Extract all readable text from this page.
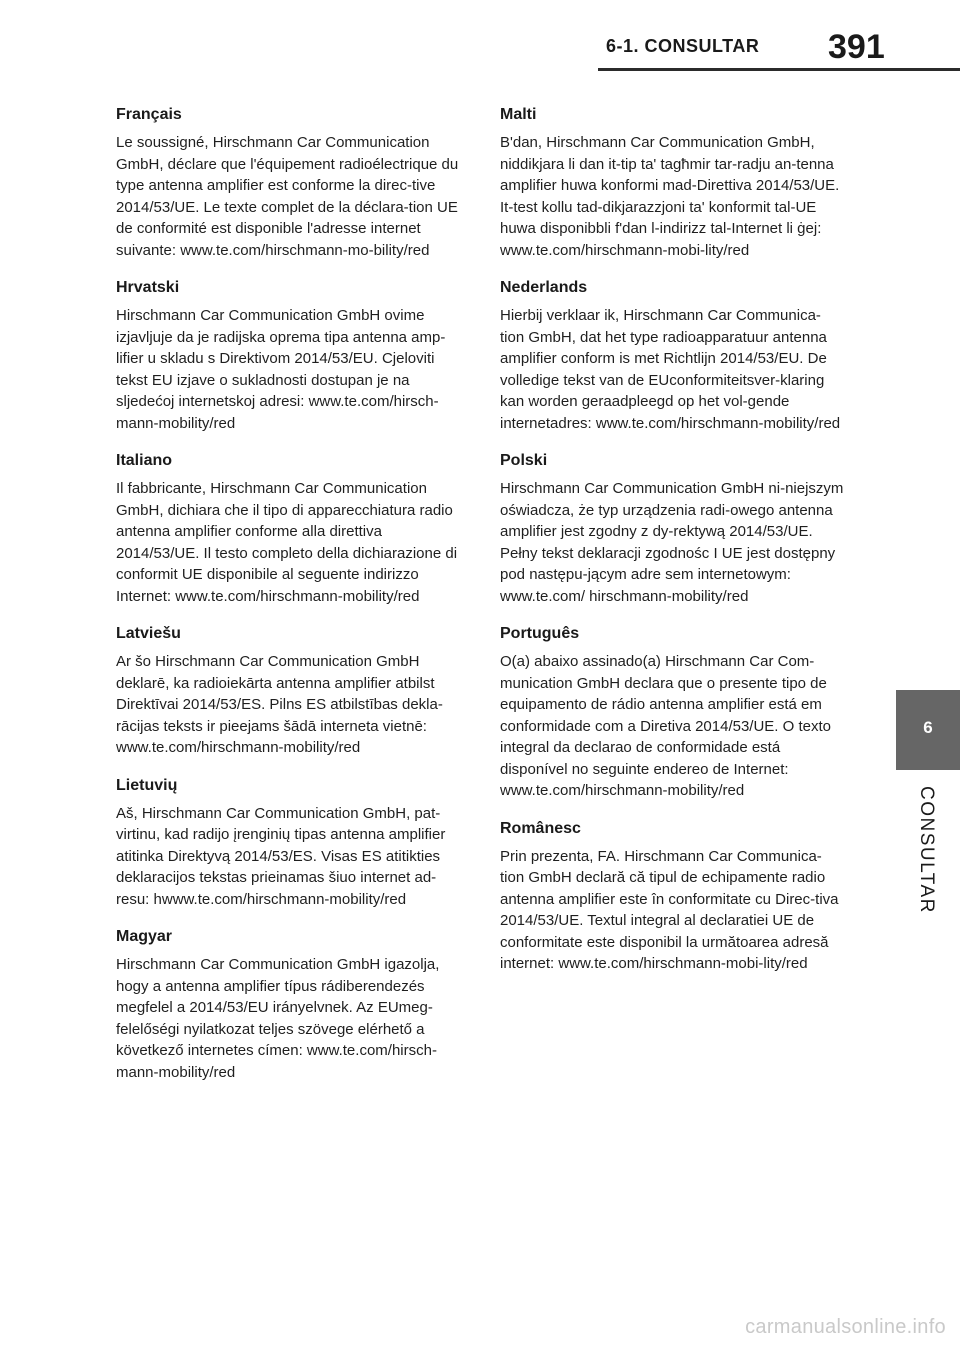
6-1. CONSULTAR 391
6
CONSULTAR
Français

Le soussigné, Hirschmann Car Communication GmbH, déclare que l'équipement radioélectrique du type antenna amplifier est conforme la direc-tive 2014/53/UE. Le texte complet de la déclara-tion UE de conformité est disponible l'adresse internet suivante: www.te.com/hirschmann-mo-bility/red

Hrvatski

Hirschmann Car Communication GmbH ovime izjavljuje da je radijska oprema tipa antenna amp-lifier u skladu s Direktivom 2014/53/EU. Cjeloviti tekst EU izjave o sukladnosti dostupan je na sljedećoj internetskoj adresi: www.te.com/hirsch-mann-mobility/red

Italiano

Il fabbricante, Hirschmann Car Communication GmbH, dichiara che il tipo di apparecchiatura radio antenna amplifier conforme alla direttiva 2014/53/UE. Il testo completo della dichiarazione di conformit UE disponibile al seguente indirizzo Internet: www.te.com/hirschmann-mobility/red

Latviešu

Ar šo Hirschmann Car Communication GmbH deklarē, ka radioiekārta antenna amplifier atbilst Direktīvai 2014/53/ES. Pilns ES atbilstības dekla-rācijas teksts ir pieejams šādā interneta vietnē: www.te.com/hirschmann-mobility/red

Lietuvių

Aš, Hirschmann Car Communication GmbH, pat-virtinu, kad radijo įrenginių tipas antenna amplifier atitinka Direktyvą 2014/53/ES. Visas ES atitikties deklaracijos tekstas prieinamas šiuo internet ad-resu: hwww.te.com/hirschmann-mobility/red

Magyar

Hirschmann Car Communication GmbH igazolja, hogy a antenna amplifier típus rádiberendezés megfelel a 2014/53/EU irányelvnek. Az EUmeg-felelőségi nyilatkozat teljes szövege elérhető a következő internetes címen: www.te.com/hirsch-mann-mobility/red

Malti

B'dan, Hirschmann Car Communication GmbH, niddikjara li dan it-tip ta' tagħmir tar-radju an-tenna amplifier huwa konformi mad-Direttiva 2014/53/UE. It-test kollu tad-dikjarazzjoni ta' konformit tal-UE huwa disponibbli f'dan l-indirizz tal-Internet li ġej: www.te.com/hirschmann-mobi-lity/red

Nederlands

Hierbij verklaar ik, Hirschmann Car Communica-tion GmbH, dat het type radioapparatuur antenna amplifier conform is met Richtlijn 2014/53/EU. De volledige tekst van de EUconformiteitsver-klaring kan worden geraadpleegd op het vol-gende internetadres: www.te.com/hirschmann-mobility/red

Polski

Hirschmann Car Communication GmbH ni-niejszym oświadcza, że typ urządzenia radi-owego antenna amplifier jest zgodny z dy-rektywą 2014/53/UE. Pełny tekst deklaracji zgodnośc I UE jest dostępny pod następu-jącym adre sem internetowym: www.te.com/ hirschmann-mobility/red

Português

O(a) abaixo assinado(a) Hirschmann Car Com-munication GmbH declara que o presente tipo de equipamento de rádio antenna amplifier está em conformidade com a Diretiva 2014/53/UE. O texto integral da declarao de conformidade está disponível no seguinte endereo de Internet: www.te.com/hirschmann-mobility/red

Românesc

Prin prezenta, FA. Hirschmann Car Communica-tion GmbH declară că tipul de echipamente radio antenna amplifier este în conformitate cu Direc-tiva 2014/53/UE. Textul integral al declaratiei UE de conformitate este disponibil la următoarea adresă internet: www.te.com/hirschmann-mobi-lity/red

carmanualsonline.info
